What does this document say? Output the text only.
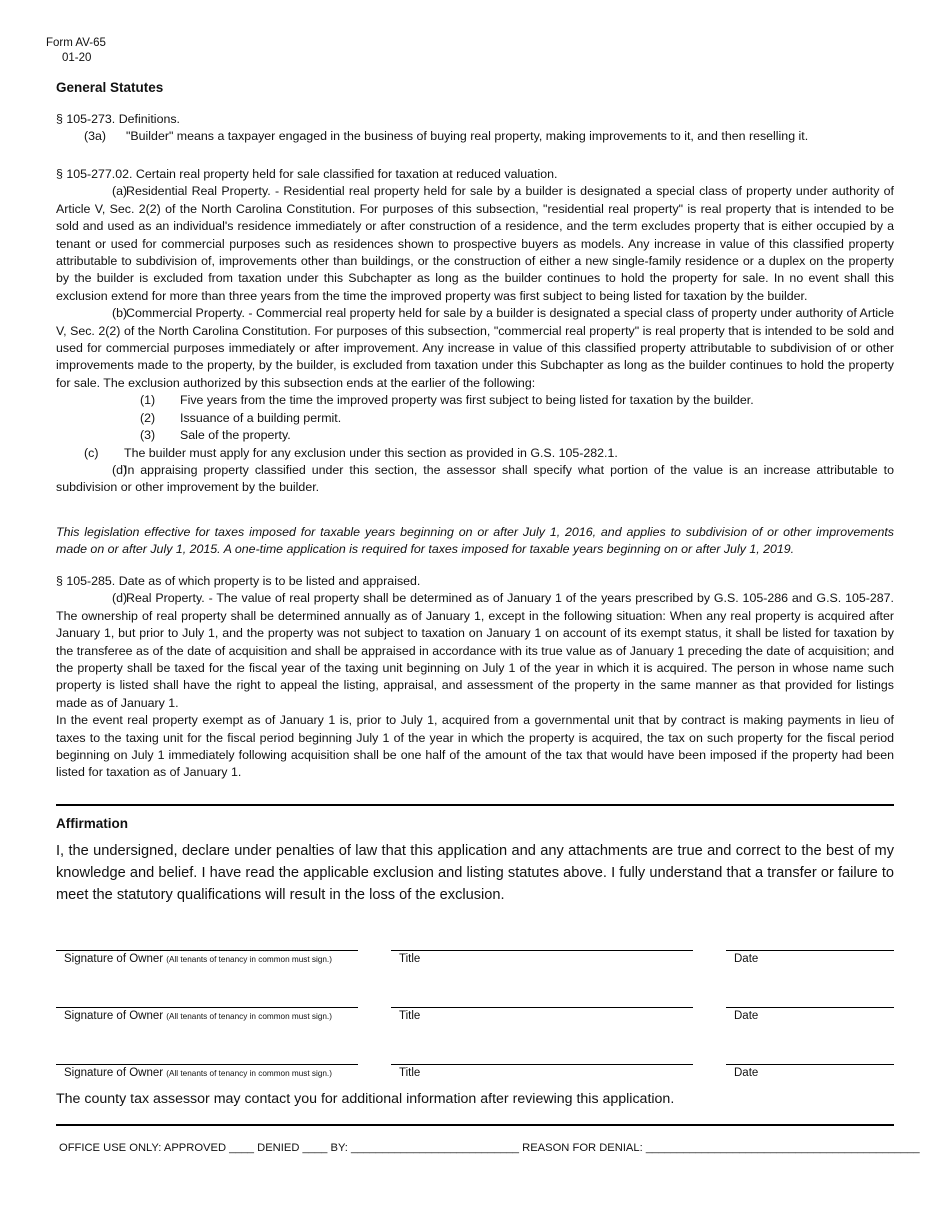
Form AV-65
01-20
General Statutes

§ 105-273. Definitions.

(3a)	"Builder" means a taxpayer engaged in the business of buying real property, making improvements to it, and then reselling it.

§ 105-277.02. Certain real property held for sale classified for taxation at reduced valuation.

(a)Residential Real Property. - Residential real property held for sale by a builder is designated a special class of property under authority of Article V, Sec. 2(2) of the North Carolina Constitution. For purposes of this subsection, "residential real property" is real property that is intended to be sold and used as an individual's residence immediately or after construction of a residence, and the term excludes property that is either occupied by a tenant or used for commercial purposes such as residences shown to prospective buyers as models. Any increase in value of this classified property attributable to subdivision of, improvements other than buildings, or the construction of either a new single-family residence or a duplex on the property by the builder is excluded from taxation under this Subchapter as long as the builder continues to hold the property for sale. In no event shall this exclusion extend for more than three years from the time the improved property was first subject to being listed for taxation by the builder.

(b)Commercial Property. - Commercial real property held for sale by a builder is designated a special class of property under authority of Article V, Sec. 2(2) of the North Carolina Constitution. For purposes of this subsection, "commercial real property" is real property that is intended to be sold and used for commercial purposes immediately or after improvement. Any increase in value of this classified property attributable to subdivision of or other improvements made to the property, by the builder, is excluded from taxation under this Subchapter as long as the builder continues to hold the property for sale. The exclusion authorized by this subsection ends at the earlier of the following:

(1)	Five years from the time the improved property was first subject to being listed for taxation by the builder.
(2)	Issuance of a building permit.
(3)	Sale of the property.
(c)	The builder must apply for any exclusion under this section as provided in G.S. 105-282.1.

(d)In appraising property classified under this section, the assessor shall specify what portion of the value is an increase attributable to subdivision or other improvement by the builder.

This legislation effective for taxes imposed for taxable years beginning on or after July 1, 2016, and applies to subdivision of or other improvements made on or after July 1, 2015. A one-time application is required for taxes imposed for taxable years beginning on or after July 1, 2019.

§ 105-285. Date as of which property is to be listed and appraised.

(d)Real Property. - The value of real property shall be determined as of January 1 of the years prescribed by G.S. 105-286 and G.S. 105-287. The ownership of real property shall be determined annually as of January 1, except in the following situation: When any real property is acquired after January 1, but prior to July 1, and the property was not subject to taxation on January 1 on account of its exempt status, it shall be listed for taxation by the transferee as of the date of acquisition and shall be appraised in accordance with its true value as of January 1 preceding the date of acquisition; and the property shall be taxed for the fiscal year of the taxing unit beginning on July 1 of the year in which it is acquired. The person in whose name such property is listed shall have the right to appeal the listing, appraisal, and assessment of the property in the same manner as that provided for listings made as of January 1.

In the event real property exempt as of January 1 is, prior to July 1, acquired from a governmental unit that by contract is making payments in lieu of taxes to the taxing unit for the fiscal period beginning July 1 of the year in which the property is acquired, the tax on such property for the fiscal period beginning on July 1 immediately following acquisition shall be one half of the amount of the tax that would have been imposed if the property had been listed for taxation as of January 1.

Affirmation
I, the undersigned, declare under penalties of law that this application and any attachments are true and correct to the best of my knowledge and belief. I have read the applicable exclusion and listing statutes above. I fully understand that a transfer or failure to meet the statutory qualifications will result in the loss of the exclusion.
Signature of Owner (All tenants of tenancy in common must sign.)	Title	Date
Signature of Owner (All tenants of tenancy in common must sign.)	Title	Date
Signature of Owner (All tenants of tenancy in common must sign.)	Title	Date
The county tax assessor may contact you for additional information after reviewing this application.
OFFICE USE ONLY: APPROVED ____ DENIED ____ BY: ___________________________ REASON FOR DENIAL: ____________________________________________
